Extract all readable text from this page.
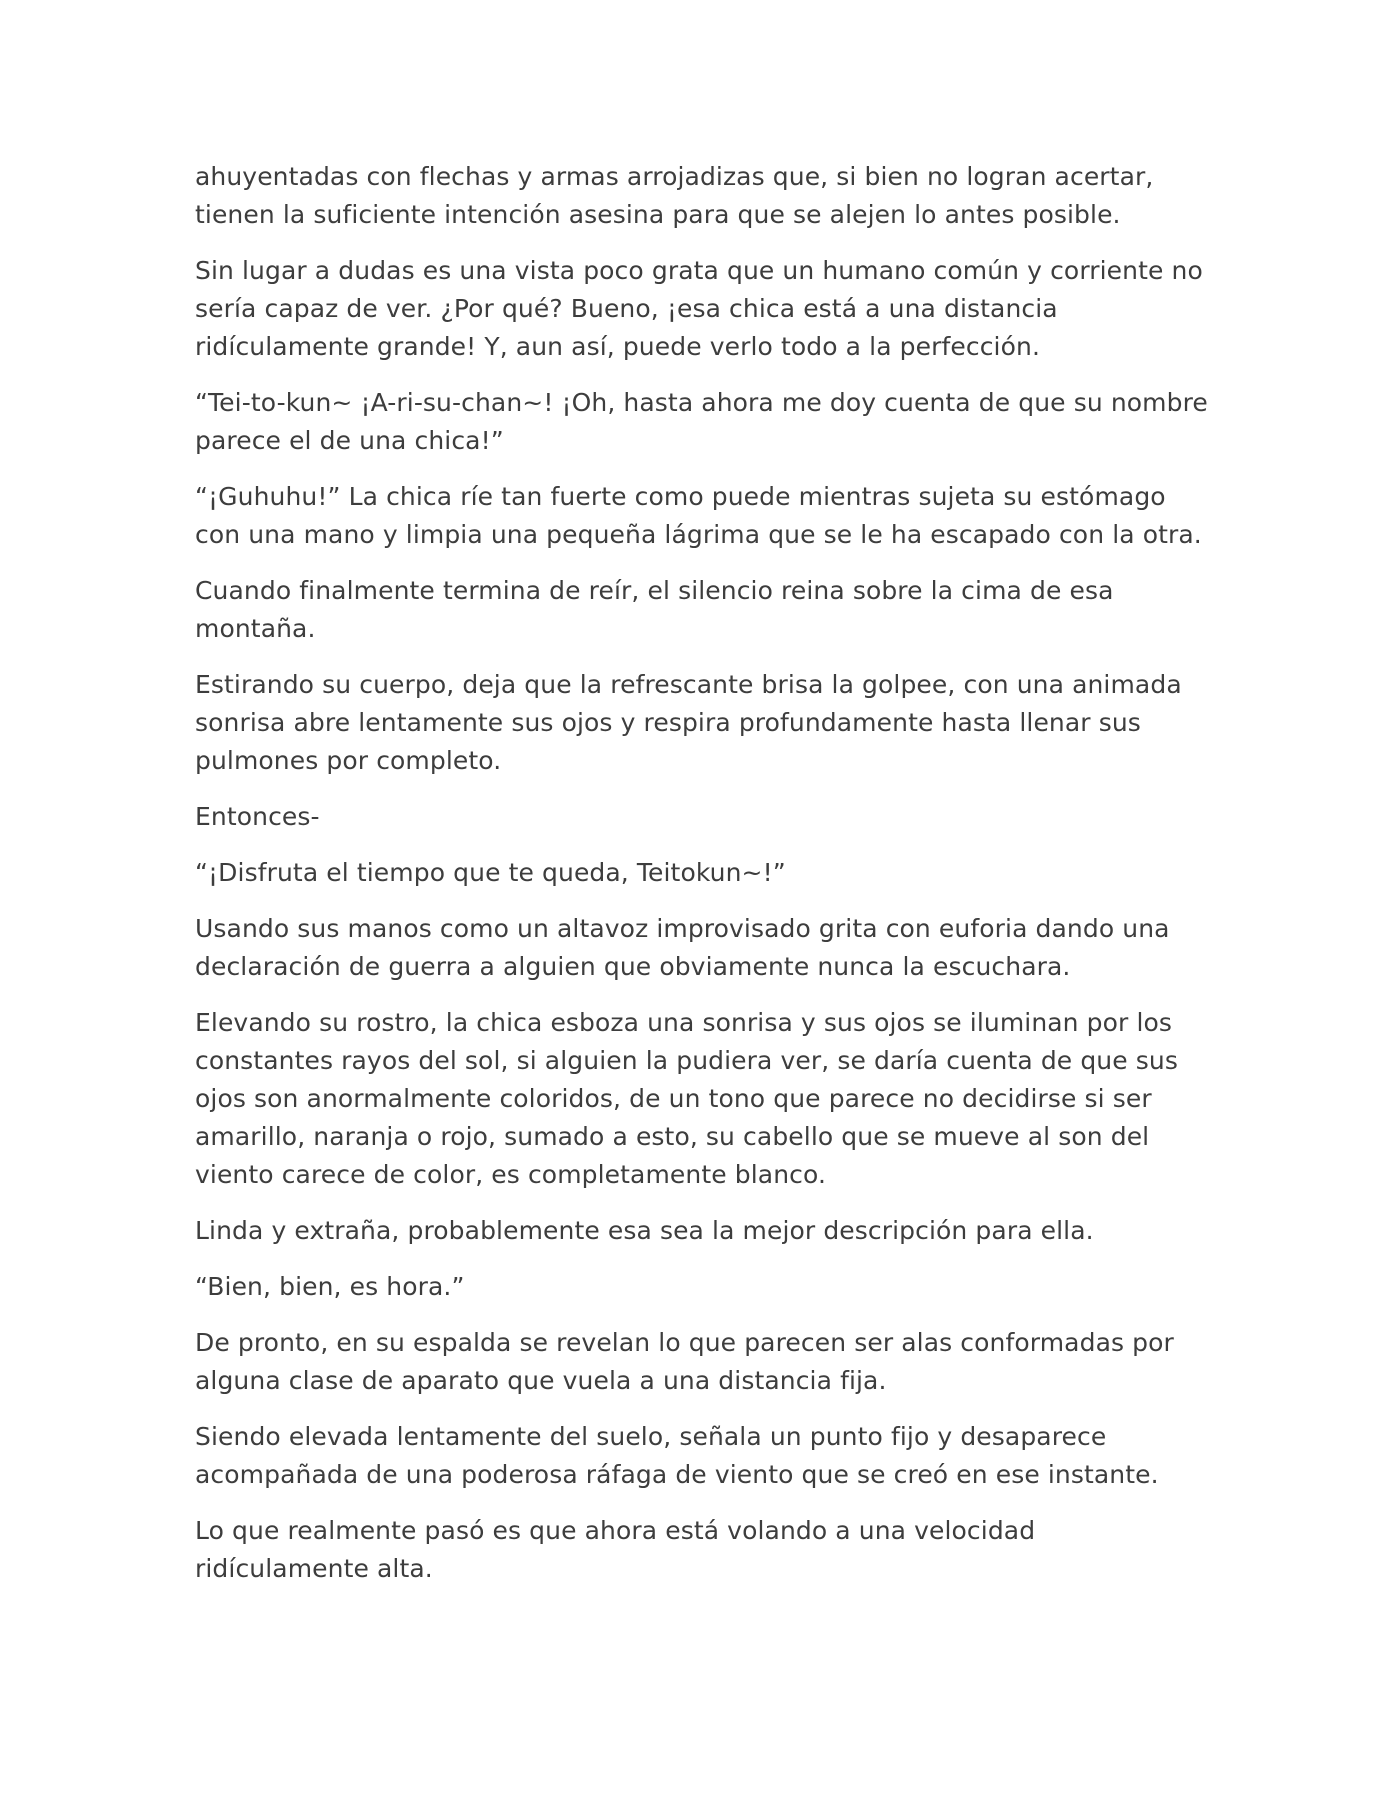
ahuyentadas con flechas y armas arrojadizas que, si bien no logran acertar, tienen la suficiente intención asesina para que se alejen lo antes posible.

Sin lugar a dudas es una vista poco grata que un humano común y corriente no sería capaz de ver. ¿Por qué? Bueno, ¡esa chica está a una distancia ridículamente grande! Y, aun así, puede verlo todo a la perfección.

“Tei-to-kun~ ¡A-ri-su-chan~! ¡Oh, hasta ahora me doy cuenta de que su nombre parece el de una chica!”

“¡Guhuhu!” La chica ríe tan fuerte como puede mientras sujeta su estómago con una mano y limpia una pequeña lágrima que se le ha escapado con la otra.

Cuando finalmente termina de reír, el silencio reina sobre la cima de esa montaña.

Estirando su cuerpo, deja que la refrescante brisa la golpee, con una animada sonrisa abre lentamente sus ojos y respira profundamente hasta llenar sus pulmones por completo.

Entonces-

“¡Disfruta el tiempo que te queda, Teitokun~!”

Usando sus manos como un altavoz improvisado grita con euforia dando una declaración de guerra a alguien que obviamente nunca la escuchara.

Elevando su rostro, la chica esboza una sonrisa y sus ojos se iluminan por los constantes rayos del sol, si alguien la pudiera ver, se daría cuenta de que sus ojos son anormalmente coloridos, de un tono que parece no decidirse si ser amarillo, naranja o rojo, sumado a esto, su cabello que se mueve al son del viento carece de color, es completamente blanco.

Linda y extraña, probablemente esa sea la mejor descripción para ella.

“Bien, bien, es hora.”

De pronto, en su espalda se revelan lo que parecen ser alas conformadas por alguna clase de aparato que vuela a una distancia fija.

Siendo elevada lentamente del suelo, señala un punto fijo y desaparece acompañada de una poderosa ráfaga de viento que se creó en ese instante.

Lo que realmente pasó es que ahora está volando a una velocidad ridículamente alta.
